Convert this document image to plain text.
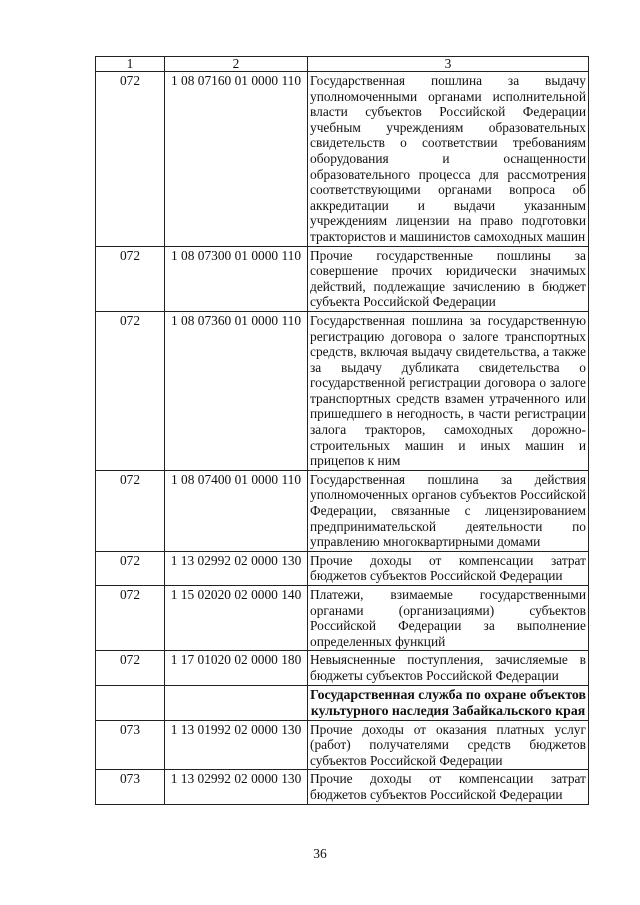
1	2	3
072	1 08 07160 01 0000 110	Государственная пошлина за выдачу уполномоченными органами исполнительной власти субъектов Российской Федерации учебным учреждениям образовательных свидетельств о соответствии требованиям оборудования и оснащенности образовательного процесса для рассмотрения соответствующими органами вопроса об аккредитации и выдачи указанным учреждениям лицензии на право подготовки трактористов и машинистов самоходных машин
072	1 08 07300 01 0000 110	Прочие государственные пошлины за совершение прочих юридически значимых действий, подлежащие зачислению в бюджет субъекта Российской Федерации
072	1 08 07360 01 0000 110	Государственная пошлина за государственную регистрацию договора о залоге транспортных средств, включая выдачу свидетельства, а также за выдачу дубликата свидетельства о государственной регистрации договора о залоге транспортных средств взамен утраченного или пришедшего в негодность, в части регистрации залога тракторов, самоходных дорожно-строительных машин и иных машин и прицепов к ним
072	1 08 07400 01 0000 110	Государственная пошлина за действия уполномоченных органов субъектов Российской Федерации, связанные с лицензированием предпринимательской деятельности по управлению многоквартирными домами
072	1 13 02992 02 0000 130	Прочие доходы от компенсации затрат бюджетов субъектов Российской Федерации
072	1 15 02020 02 0000 140	Платежи, взимаемые государственными органами (организациями) субъектов Российской Федерации за выполнение определенных функций
072	1 17 01020 02 0000 180	Невыясненные поступления, зачисляемые в бюджеты субъектов Российской Федерации
		Государственная служба по охране объектов культурного наследия Забайкальского края
073	1 13 01992 02 0000 130	Прочие доходы от оказания платных услуг (работ) получателями средств бюджетов субъектов Российской Федерации
073	1 13 02992 02 0000 130	Прочие доходы от компенсации затрат бюджетов субъектов Российской Федерации
36
